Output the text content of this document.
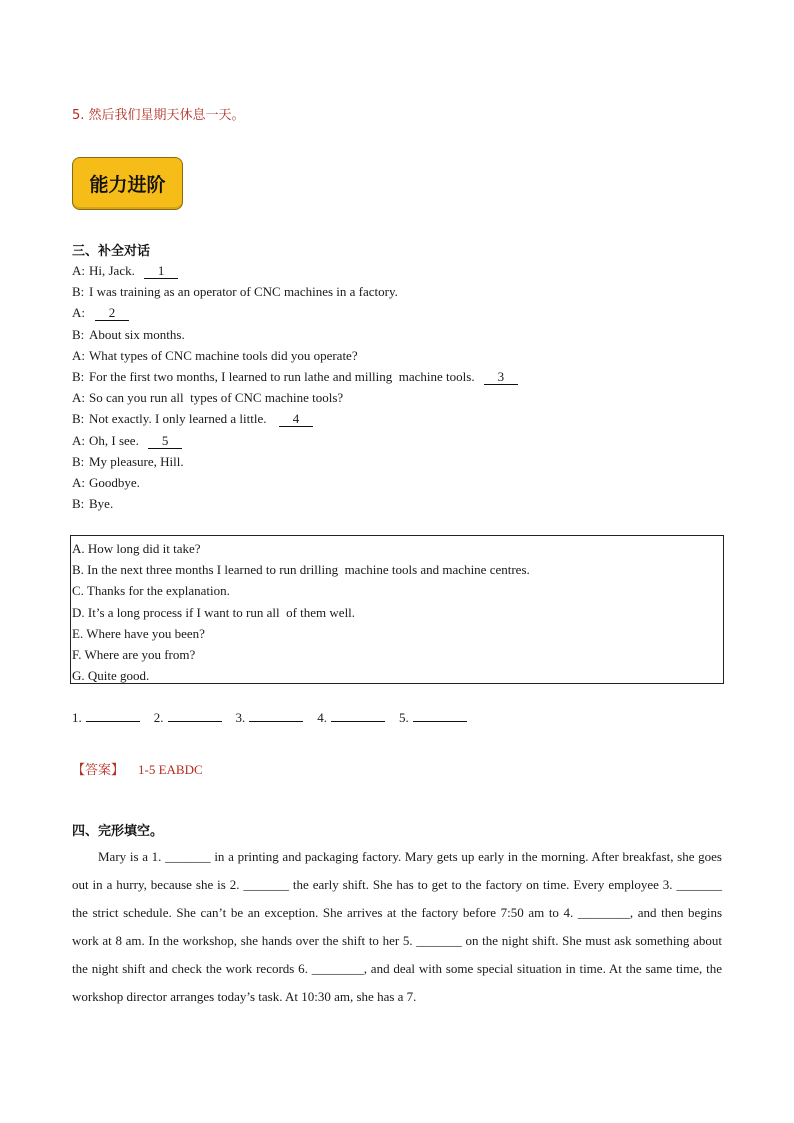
5. 然后我们星期天休息一天。
能力进阶
三、补全对话
A: Hi, Jack. 1
B: I was training as an operator of CNC machines in a factory.
A: 2
B: About six months.
A: What types of CNC machine tools did you operate?
B: For the first two months, I learned to run lathe and milling  machine tools. 3
A: So can you run all  types of CNC machine tools?
B: Not exactly. I only learned a little.  4
A: Oh, I see. 5
B: My pleasure, Hill.
A: Goodbye.
B: Bye.
A. How long did it take?
B. In the next three months I learned to run drilling  machine tools and machine centres.
C. Thanks for the explanation.
D. It’s a long process if I want to run all  of them well.
E. Where have you been?
F. Where are you from?
G. Quite good.
1.	2.	3.	4.	5.
【答案】 1-5 EABDC
四、完形填空。
Mary is a 1. _______ in a printing and packaging factory. Mary gets up early in the morning. After breakfast, she goes out in a hurry, because she is 2. _______ the early shift. She has to get to the factory on time. Every employee 3. _______ the strict schedule. She can’t be an exception. She arrives at the factory before 7:50 am to 4. ________, and then begins work at 8 am. In the workshop, she hands over the shift to her 5. _______ on the night shift. She must ask something about the night shift and check the work records 6. ________, and deal with some special situation in time. At the same time, the workshop director arranges today’s task. At 10:30 am, she has a 7.
